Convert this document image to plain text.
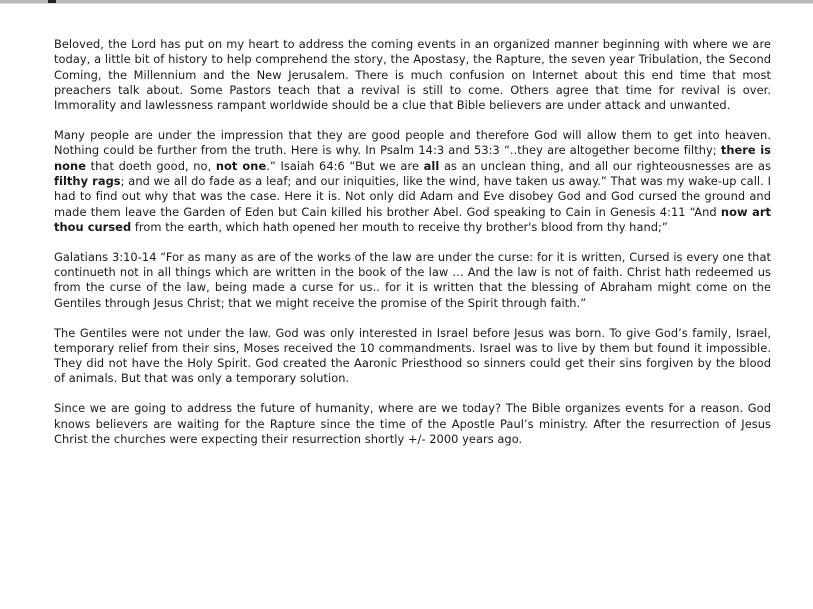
Beloved, the Lord has put on my heart to address the coming events in an organized manner beginning with where we are today, a little bit of history to help comprehend the story, the Apostasy, the Rapture, the seven year Tribulation, the Second Coming, the Millennium and the New Jerusalem. There is much confusion on Internet about this end time that most preachers talk about. Some Pastors teach that a revival is still to come. Others agree that time for revival is over. Immorality and lawlessness rampant worldwide should be a clue that Bible believers are under attack and unwanted.

Many people are under the impression that they are good people and therefore God will allow them to get into heaven. Nothing could be further from the truth. Here is why. In Psalm 14:3 and 53:3 “..they are altogether become filthy; there is none that doeth good, no, not one.” Isaiah 64:6 “But we are all as an unclean thing, and all our righteousnesses are as filthy rags; and we all do fade as a leaf; and our iniquities, like the wind, have taken us away.” That was my wake-up call. I had to find out why that was the case. Here it is. Not only did Adam and Eve disobey God and God cursed the ground and made them leave the Garden of Eden but Cain killed his brother Abel. God speaking to Cain in Genesis 4:11 “And now art thou cursed from the earth, which hath opened her mouth to receive thy brother's blood from thy hand;”

Galatians 3:10-14 “For as many as are of the works of the law are under the curse: for it is written, Cursed is every one that continueth not in all things which are written in the book of the law ... And the law is not of faith. Christ hath redeemed us from the curse of the law, being made a curse for us.. for it is written that the blessing of Abraham might come on the Gentiles through Jesus Christ; that we might receive the promise of the Spirit through faith.”

The Gentiles were not under the law. God was only interested in Israel before Jesus was born. To give God’s family, Israel, temporary relief from their sins, Moses received the 10 commandments. Israel was to live by them but found it impossible. They did not have the Holy Spirit. God created the Aaronic Priesthood so sinners could get their sins forgiven by the blood of animals. But that was only a temporary solution.

Since we are going to address the future of humanity, where are we today? The Bible organizes events for a reason. God knows believers are waiting for the Rapture since the time of the Apostle Paul’s ministry. After the resurrection of Jesus Christ the churches were expecting their resurrection shortly +/- 2000 years ago.
